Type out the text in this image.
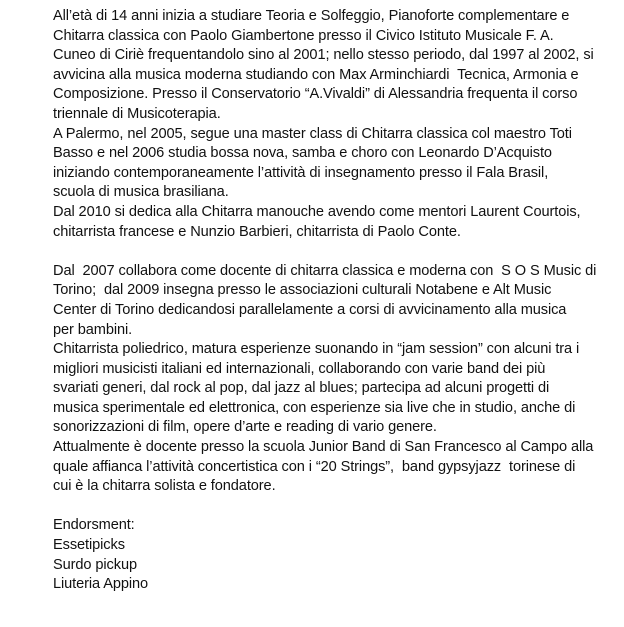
All’età di 14 anni inizia a studiare Teoria e Solfeggio, Pianoforte complementare e
Chitarra classica con Paolo Giambertone presso il Civico Istituto Musicale F. A.
Cuneo di Ciriè frequentandolo sino al 2001; nello stesso periodo, dal 1997 al 2002, si
avvicina alla musica moderna studiando con Max Arminchiardi  Tecnica, Armonia e
Composizione. Presso il Conservatorio “A.Vivaldi” di Alessandria frequenta il corso
triennale di Musicoterapia.
A Palermo, nel 2005, segue una master class di Chitarra classica col maestro Toti
Basso e nel 2006 studia bossa nova, samba e choro con Leonardo D’Acquisto
iniziando contemporaneamente l’attività di insegnamento presso il Fala Brasil,
scuola di musica brasiliana.
Dal 2010 si dedica alla Chitarra manouche avendo come mentori Laurent Courtois,
chitarrista francese e Nunzio Barbieri, chitarrista di Paolo Conte.
Dal  2007 collabora come docente di chitarra classica e moderna con  S O S Music di
Torino;  dal 2009 insegna presso le associazioni culturali Notabene e Alt Music
Center di Torino dedicandosi parallelamente a corsi di avvicinamento alla musica
per bambini.
Chitarrista poliedrico, matura esperienze suonando in “jam session” con alcuni tra i
migliori musicisti italiani ed internazionali, collaborando con varie band dei più
svariati generi, dal rock al pop, dal jazz al blues; partecipa ad alcuni progetti di
musica sperimentale ed elettronica, con esperienze sia live che in studio, anche di
sonorizzazioni di film, opere d’arte e reading di vario genere.
Attualmente è docente presso la scuola Junior Band di San Francesco al Campo alla
quale affianca l’attività concertistica con i “20 Strings”,  band gypsyjazz  torinese di
cui è la chitarra solista e fondatore.
Endorsment:
Essetipicks
Surdo pickup
Liuteria Appino
